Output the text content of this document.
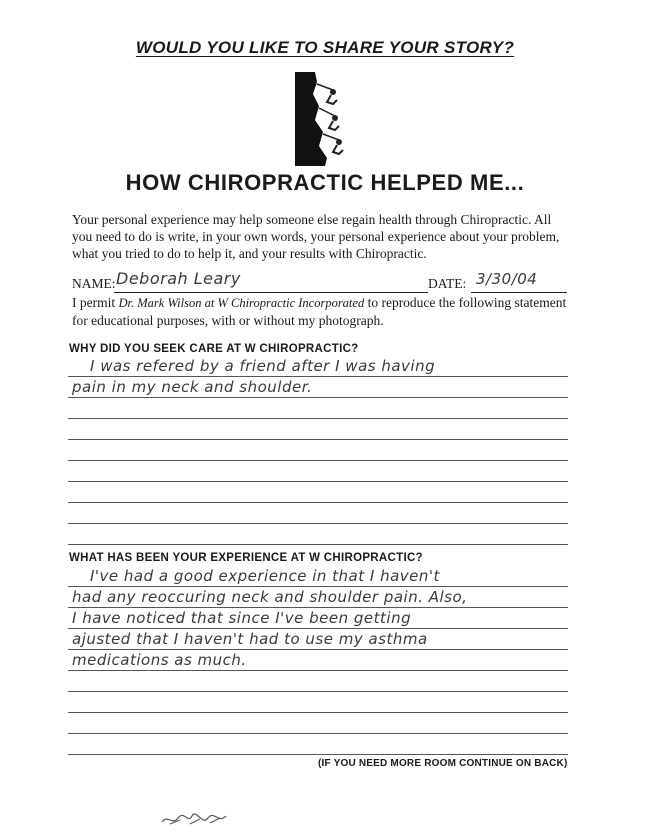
WOULD YOU LIKE TO SHARE YOUR STORY?
HOW CHIROPRACTIC HELPED ME...
Your personal experience may help someone else regain health through Chiropractic. All you need to do is write, in your own words, your personal experience about your problem, what you tried to do to help it, and your results with Chiropractic.
NAME: Deborah Leary	DATE: 3/30/04
I permit Dr. Mark Wilson at W Chiropractic Incorporated to reproduce the following statement for educational purposes, with or without my photograph.
WHY DID YOU SEEK CARE AT W CHIROPRACTIC?
I was refered by a friend after I was having
pain in my neck and shoulder.
WHAT HAS BEEN YOUR EXPERIENCE AT W CHIROPRACTIC?
I've had a good experience in that I haven't
had any reoccuring neck and shoulder pain. Also,
I have noticed that since I've been getting
ajusted that I haven't had to use my asthma
medications as much.
(IF YOU NEED MORE ROOM CONTINUE ON BACK)
